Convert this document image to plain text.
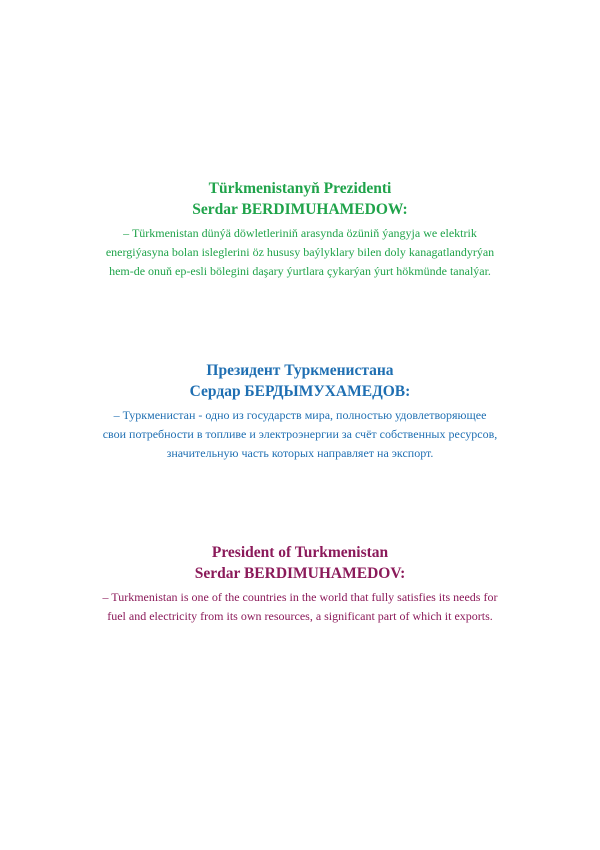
Türkmenistanyň Prezidenti
Serdar BERDIMUHAMEDOW:

– Türkmenistan dünýä döwletleriniň arasynda özüniň ýangyja we elektrik
energiýasyna bolan isleglerini öz hususy baýlyklary bilen doly kanagatlandyrýan
hem-de onuň ep-esli bölegini daşary ýurtlara çykarýan ýurt hökmünde tanalýar.

Президент Туркменистана
Сердар БЕРДЫМУХАМЕДОВ:

– Туркменистан - одно из государств мира, полностью удовлетворяющее
свои потребности в топливе и электроэнергии за счёт собственных ресурсов,
значительную часть которых направляет на экспорт.

President of Turkmenistan
Serdar BERDIMUHAMEDOV:

– Turkmenistan is one of the countries in the world that fully satisfies its needs for
fuel and electricity from its own resources, a significant part of which it exports.
